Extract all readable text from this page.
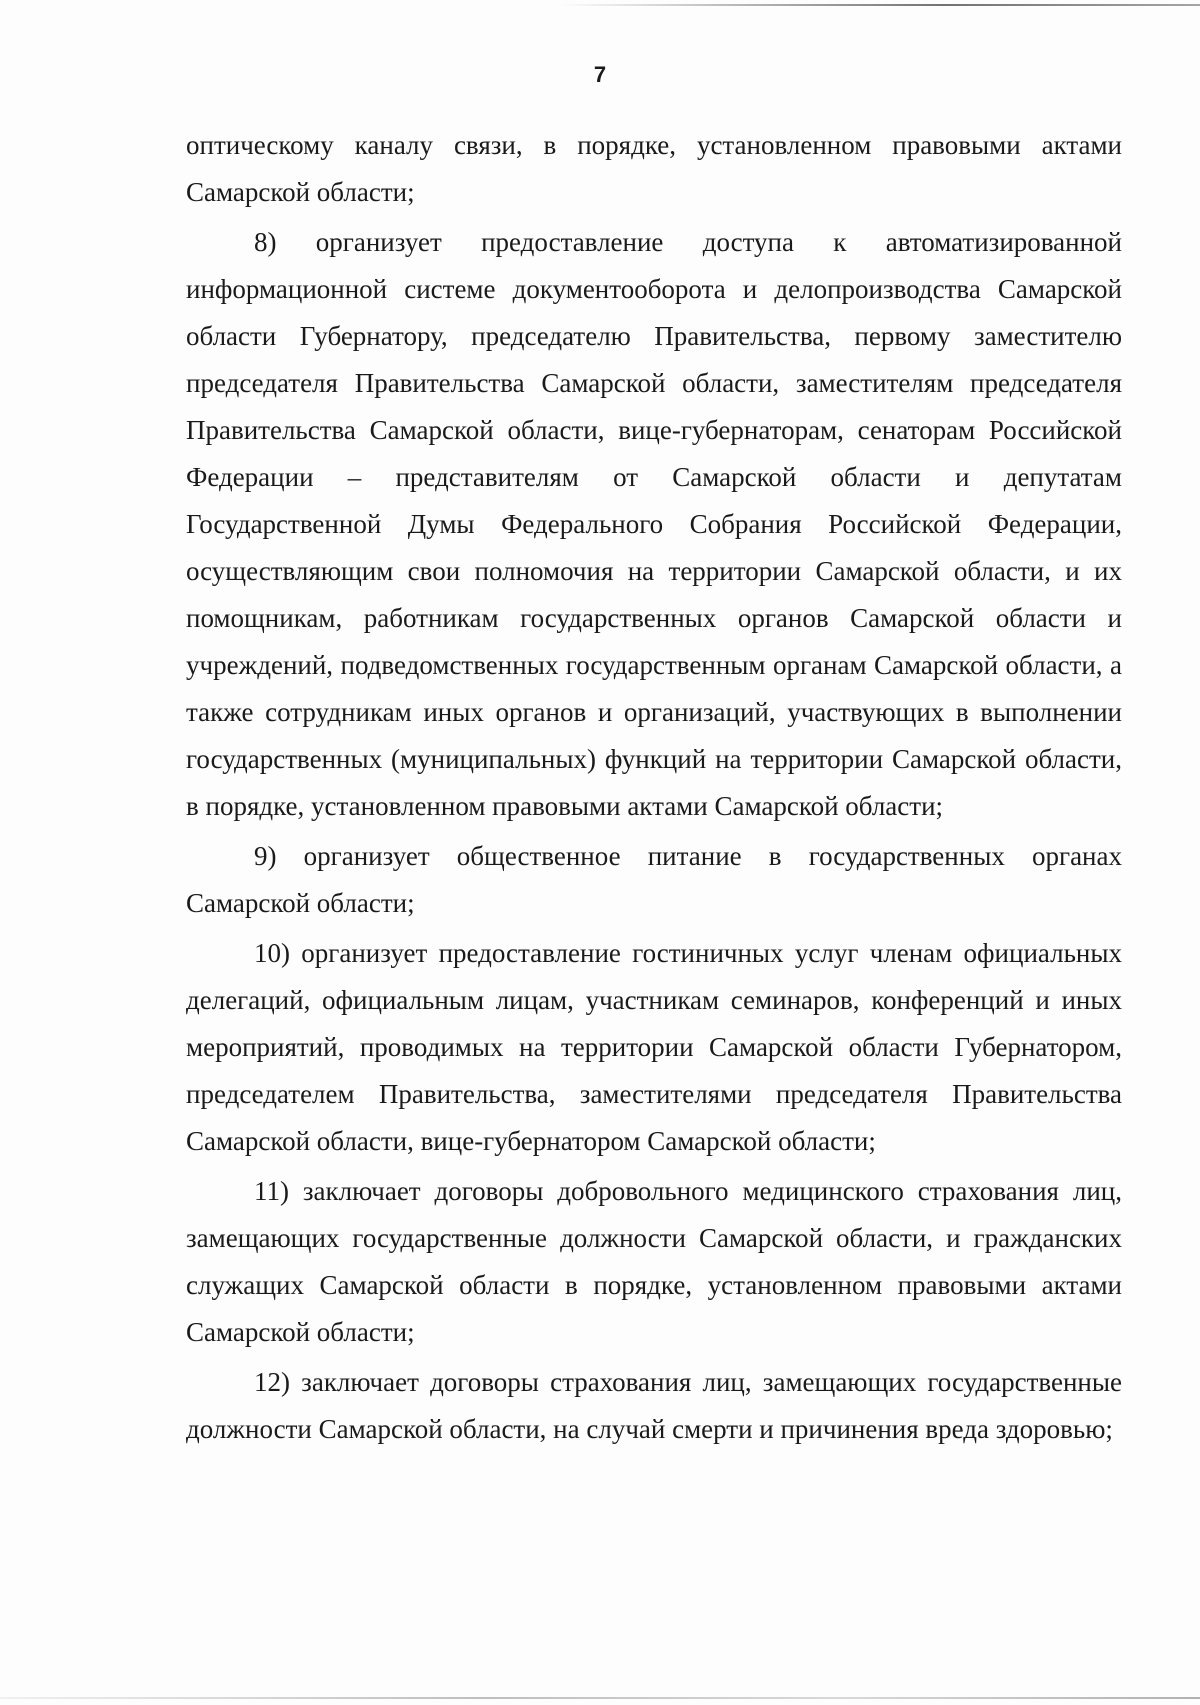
7

оптическому каналу связи, в порядке, установленном правовыми актами Самарской области;

8) организует предоставление доступа к автоматизированной информационной системе документооборота и делопроизводства Самарской области Губернатору, председателю Правительства, первому заместителю председателя Правительства Самарской области, заместителям председателя Правительства Самарской области, вице-губернаторам, сенаторам Российской Федерации – представителям от Самарской области и депутатам Государственной Думы Федерального Собрания Российской Федерации, осуществляющим свои полномочия на территории Самарской области, и их помощникам, работникам государственных органов Самарской области и учреждений, подведомственных государственным органам Самарской области, а также сотрудникам иных органов и организаций, участвующих в выполнении государственных (муниципальных) функций на территории Самарской области, в порядке, установленном правовыми актами Самарской области;

9) организует общественное питание в государственных органах Самарской области;

10) организует предоставление гостиничных услуг членам официальных делегаций, официальным лицам, участникам семинаров, конференций и иных мероприятий, проводимых на территории Самарской области Губернатором, председателем Правительства, заместителями председателя Правительства Самарской области, вице-губернатором Самарской области;

11) заключает договоры добровольного медицинского страхования лиц, замещающих государственные должности Самарской области, и гражданских служащих Самарской области в порядке, установленном правовыми актами Самарской области;

12) заключает договоры страхования лиц, замещающих государственные должности Самарской области, на случай смерти и причинения вреда здоровью;
